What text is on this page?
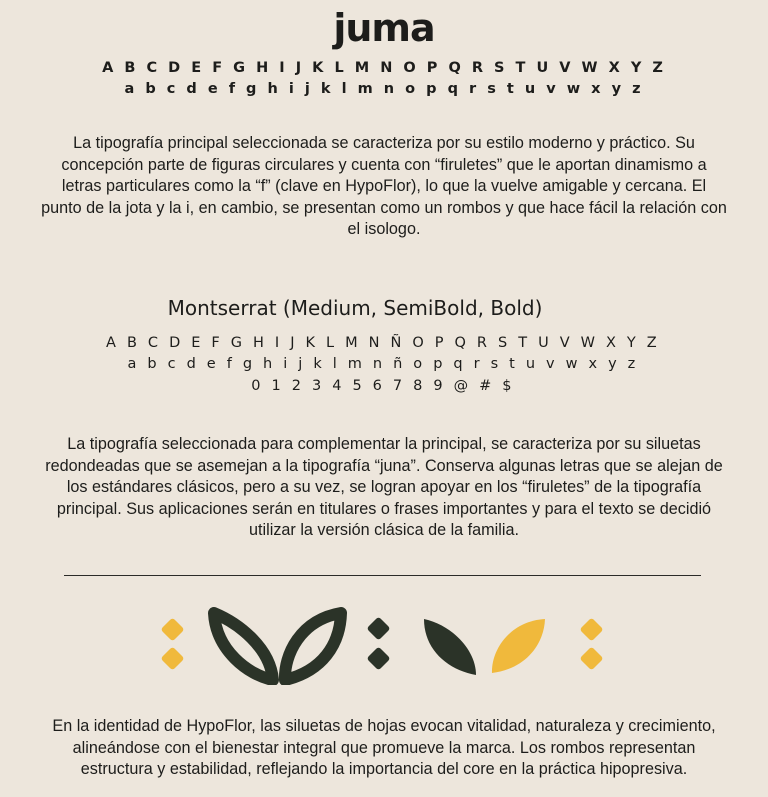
juma
A B C D E F G H I J K L M N O P Q R S T U V W X Y Z
a b c d e f g h i j k l m n o p q r s t u v w x y z

La tipografía principal seleccionada se caracteriza por su estilo moderno y práctico. Su concepción parte de figuras circulares y cuenta con “firuletes” que le aportan dinamismo a letras particulares como la “f” (clave en HypoFlor), lo que la vuelve amigable y cercana. El punto de la jota y la i, en cambio, se presentan como un rombos y que hace fácil la relación con el isologo.

Montserrat (Medium, SemiBold, Bold)
A B C D E F G H I J K L M N Ñ O P Q R S T U V W X Y Z
a b c d e f g h i j k l m n ñ o p q r s t u v w x y z
0 1 2 3 4 5 6 7 8 9 @ # $

La tipografía seleccionada para complementar la principal, se caracteriza por su siluetas redondeadas que se asemejan a la tipografía “juna”. Conserva algunas letras que se alejan de los estándares clásicos, pero a su vez, se logran apoyar en los “firuletes” de la tipografía principal. Sus aplicaciones serán en titulares o frases importantes y para el texto se decidió utilizar la versión clásica de la familia.

En la identidad de HypoFlor, las siluetas de hojas evocan vitalidad, naturaleza y crecimiento, alineándose con el bienestar integral que promueve la marca. Los rombos representan estructura y estabilidad, reflejando la importancia del core en la práctica hipopresiva.
